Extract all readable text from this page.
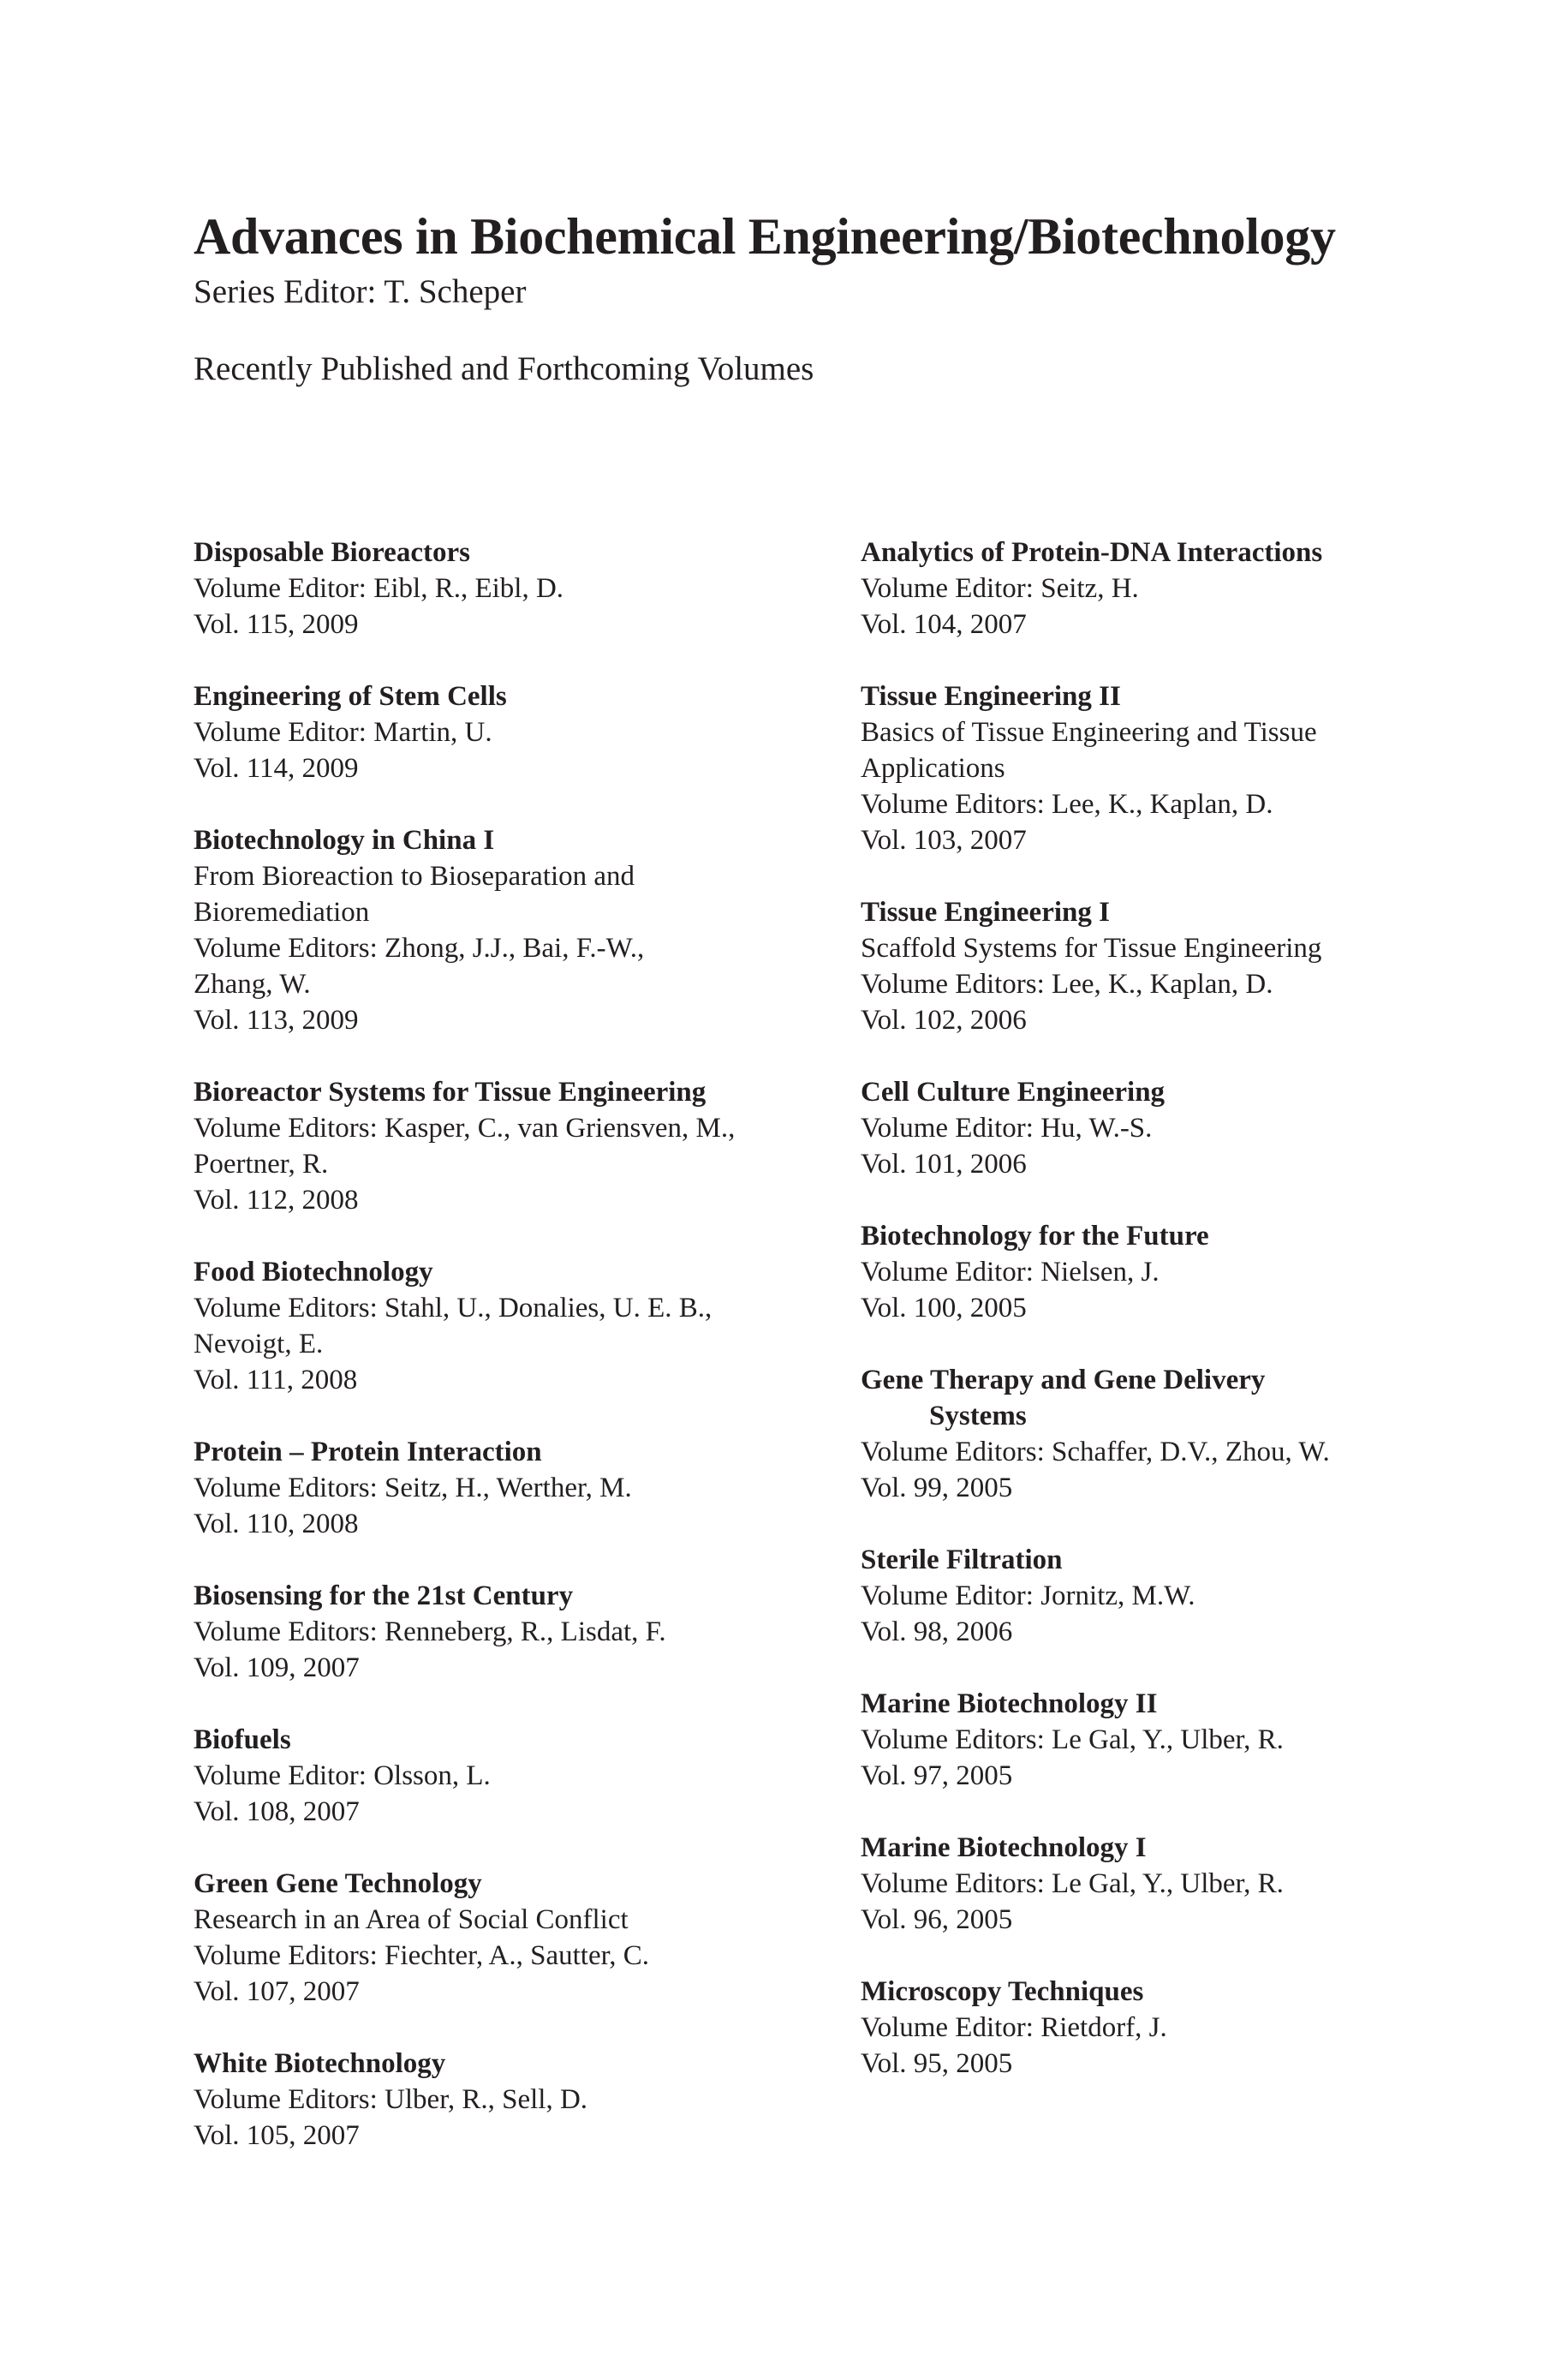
Advances in Biochemical Engineering/Biotechnology

Series Editor: T. Scheper

Recently Published and Forthcoming Volumes

Disposable Bioreactors
Volume Editor: Eibl, R., Eibl, D.
Vol. 115, 2009
Engineering of Stem Cells
Volume Editor: Martin, U.
Vol. 114, 2009
Biotechnology in China I
From Bioreaction to Bioseparation and
Bioremediation
Volume Editors: Zhong, J.J., Bai, F.-W.,
Zhang, W.
Vol. 113, 2009
Bioreactor Systems for Tissue Engineering
Volume Editors: Kasper, C., van Griensven, M.,
Poertner, R.
Vol. 112, 2008
Food Biotechnology
Volume Editors: Stahl, U., Donalies, U. E. B.,
Nevoigt, E.
Vol. 111, 2008
Protein – Protein Interaction
Volume Editors: Seitz, H., Werther, M.
Vol. 110, 2008
Biosensing for the 21st Century
Volume Editors: Renneberg, R., Lisdat, F.
Vol. 109, 2007
Biofuels
Volume Editor: Olsson, L.
Vol. 108, 2007
Green Gene Technology
Research in an Area of Social Conflict
Volume Editors: Fiechter, A., Sautter, C.
Vol. 107, 2007
White Biotechnology
Volume Editors: Ulber, R., Sell, D.
Vol. 105, 2007
Analytics of Protein-DNA Interactions
Volume Editor: Seitz, H.
Vol. 104, 2007
Tissue Engineering II
Basics of Tissue Engineering and Tissue
Applications
Volume Editors: Lee, K., Kaplan, D.
Vol. 103, 2007
Tissue Engineering I
Scaffold Systems for Tissue Engineering
Volume Editors: Lee, K., Kaplan, D.
Vol. 102, 2006
Cell Culture Engineering
Volume Editor: Hu, W.-S.
Vol. 101, 2006
Biotechnology for the Future
Volume Editor: Nielsen, J.
Vol. 100, 2005
Gene Therapy and Gene Delivery
Systems
Volume Editors: Schaffer, D.V., Zhou, W.
Vol. 99, 2005
Sterile Filtration
Volume Editor: Jornitz, M.W.
Vol. 98, 2006
Marine Biotechnology II
Volume Editors: Le Gal, Y., Ulber, R.
Vol. 97, 2005
Marine Biotechnology I
Volume Editors: Le Gal, Y., Ulber, R.
Vol. 96, 2005
Microscopy Techniques
Volume Editor: Rietdorf, J.
Vol. 95, 2005
